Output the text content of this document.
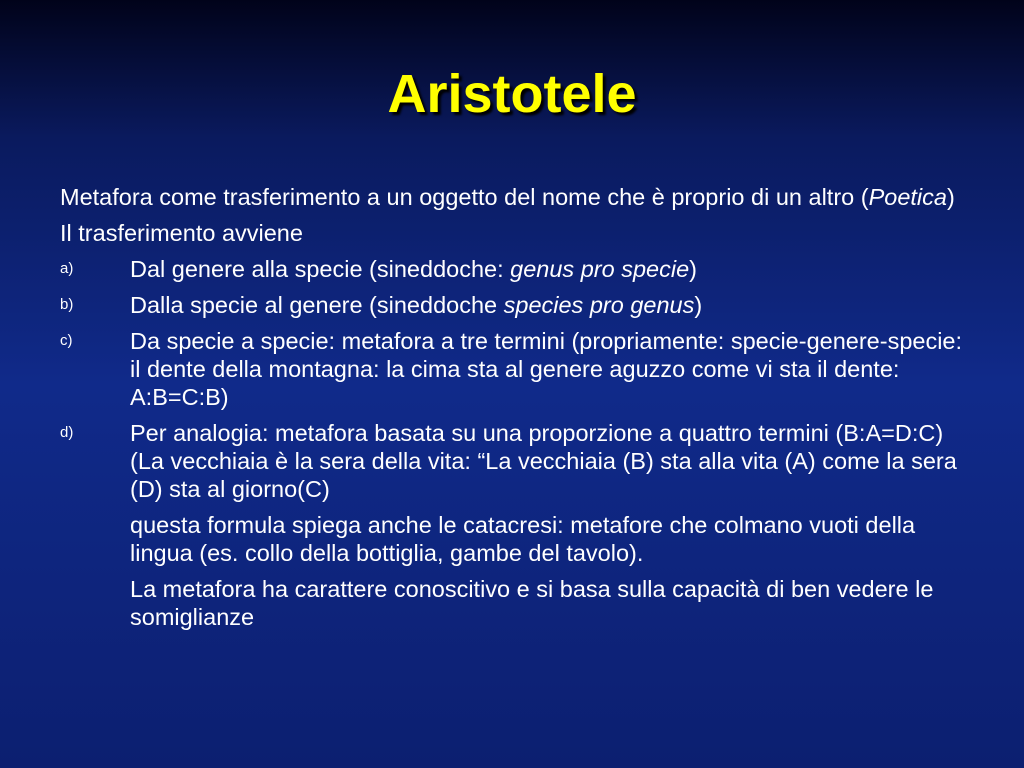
Aristotele

Metafora come trasferimento a un oggetto del nome che è proprio di un altro (Poetica)

Il trasferimento avviene

a) Dal genere alla specie (sineddoche: genus pro specie)
b) Dalla specie al genere (sineddoche species pro genus)
c) Da specie a specie: metafora a tre termini (propriamente: specie-genere-specie: il dente della montagna: la cima sta al genere aguzzo come vi sta il dente: A:B=C:B)
d) Per analogia: metafora basata su una proporzione a quattro termini (B:A=D:C) (La vecchiaia è la sera della vita: “La vecchiaia (B) sta alla vita (A) come la sera (D) sta al giorno(C)
questa formula spiega anche le catacresi: metafore che colmano vuoti della lingua (es. collo della bottiglia, gambe del tavolo).
La metafora ha carattere conoscitivo e si basa sulla capacità di ben vedere le somiglianze
